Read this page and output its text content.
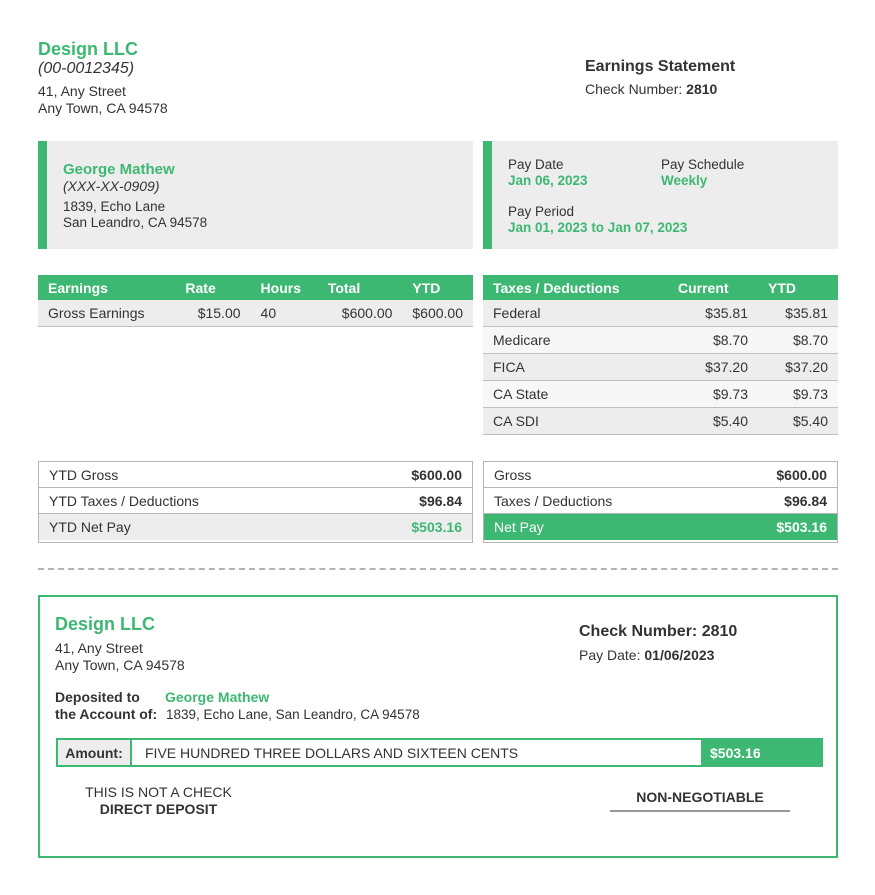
Design LLC
(00-0012345)
41, Any Street
Any Town, CA 94578
Earnings Statement
Check Number: 2810
George Mathew
(XXX-XX-0909)
1839, Echo Lane
San Leandro, CA 94578
Pay Date
Jan 06, 2023
Pay Schedule
Weekly
Pay Period
Jan 01, 2023 to Jan 07, 2023
Earnings	Rate	Hours	Total	YTD
Gross Earnings	$15.00	40	$600.00	$600.00
Taxes / Deductions	Current	YTD
Federal	$35.81	$35.81
Medicare	$8.70	$8.70
FICA	$37.20	$37.20
CA State	$9.73	$9.73
CA SDI	$5.40	$5.40
YTD Gross	$600.00
YTD Taxes / Deductions	$96.84
YTD Net Pay	$503.16
Gross	$600.00
Taxes / Deductions	$96.84
Net Pay	$503.16
Design LLC
41, Any Street
Any Town, CA 94578
Check Number: 2810
Pay Date: 01/06/2023
Deposited to
the Account of:
George Mathew
1839, Echo Lane, San Leandro, CA 94578
Amount:	FIVE HUNDRED THREE DOLLARS AND SIXTEEN CENTS	$503.16
THIS IS NOT A CHECK
DIRECT DEPOSIT
NON-NEGOTIABLE
